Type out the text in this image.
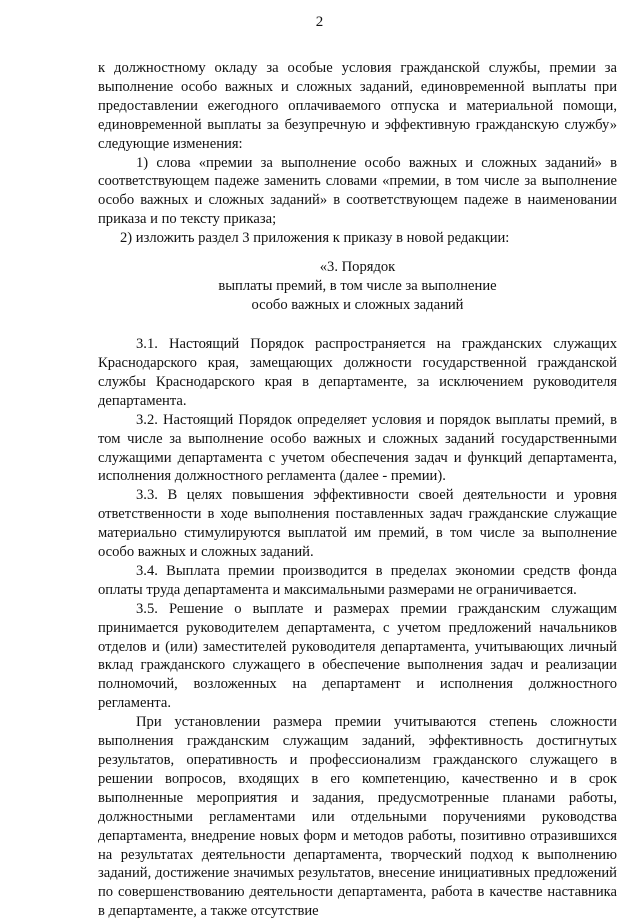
2

к должностному окладу за особые условия гражданской службы, премии за выполнение особо важных и сложных заданий, единовременной выплаты при предоставлении ежегодного оплачиваемого отпуска и материальной помощи, единовременной выплаты за безупречную и эффективную гражданскую службу» следующие изменения:

1) слова «премии за выполнение особо важных и сложных заданий» в соответствующем падеже заменить словами «премии, в том числе за выполнение особо важных и сложных заданий» в соответствующем падеже в наименовании приказа и по тексту приказа;

2) изложить раздел 3 приложения к приказу в новой редакции:

«3. Порядок
выплаты премий, в том числе за выполнение
особо важных и сложных заданий

3.1. Настоящий Порядок распространяется на гражданских служащих Краснодарского края, замещающих должности государственной гражданской службы Краснодарского края в департаменте, за исключением руководителя департамента.

3.2. Настоящий Порядок определяет условия и порядок выплаты премий, в том числе за выполнение особо важных и сложных заданий государственными служащими департамента с учетом обеспечения задач и функций департамента, исполнения должностного регламента (далее - премии).

3.3. В целях повышения эффективности своей деятельности и уровня ответственности в ходе выполнения поставленных задач гражданские служащие материально стимулируются выплатой им премий, в том числе за выполнение особо важных и сложных заданий.

3.4. Выплата премии производится в пределах экономии средств фонда оплаты труда департамента и максимальными размерами не ограничивается.

3.5. Решение о выплате и размерах премии гражданским служащим принимается руководителем департамента, с учетом предложений начальников отделов и (или) заместителей руководителя департамента, учитывающих личный вклад гражданского служащего в обеспечение выполнения задач и реализации полномочий, возложенных на департамент и исполнения должностного регламента.

При установлении размера премии учитываются степень сложности выполнения гражданским служащим заданий, эффективность достигнутых результатов, оперативность и профессионализм гражданского служащего в решении вопросов, входящих в его компетенцию, качественно и в срок выполненные мероприятия и задания, предусмотренные планами работы, должностными регламентами или отдельными поручениями руководства департамента, внедрение новых форм и методов работы, позитивно отразившихся на результатах деятельности департамента, творческий подход к выполнению заданий, достижение значимых результатов, внесение инициативных предложений по совершенствованию деятельности департамента, работа в качестве наставника в департаменте, а также отсутствие
